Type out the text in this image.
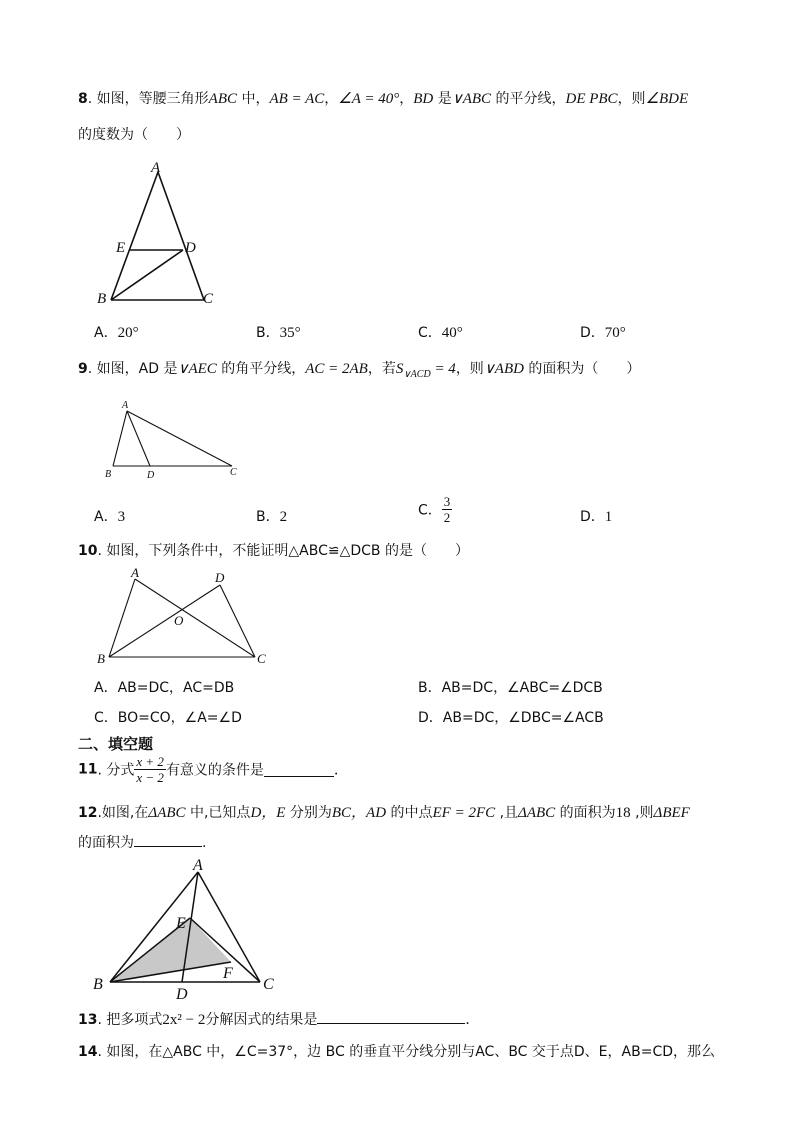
8. 如图，等腰三角形ABC 中，AB = AC，∠A = 40°，BD 是∨ABC 的平分线，DE ΡBC，则∠BDE
的度数为（　　）
A
E	D
B	C
A．20°	B．35°	C．40°	D．70°
9. 如图，AD 是∨AEC 的角平分线，AC = 2AB，若$S_{\vee ACD} = 4$，则∨ABD 的面积为（　　）
A
B	D	C
A．3	B．2	C． $\frac{3}{2}$	D．1
10. 如图，下列条件中，不能证明△ABC≌△DCB 的是（　　）
A	D
O
B	C
A．AB=DC，AC=DB	B．AB=DC，∠ABC=∠DCB
C．BO=CO，∠A=∠D	D．AB=DC，∠DBC=∠ACB
二、填空题
11. 分式 $\frac{x + 2}{x - 2}$ 有意义的条件是	．
12.如图,在ΔABC 中,已知点D，E 分别为BC，AD 的中点EF = 2FC ,且ΔABC 的面积为18 ,则ΔBEF
的面积为	.
A
E
F
B	C
D
13. 把多项式2x² − 2分解因式的结果是	．
14. 如图，在△ABC 中，∠C=37°，边 BC 的垂直平分线分别与AC、BC 交于点D、E，AB=CD，那么
